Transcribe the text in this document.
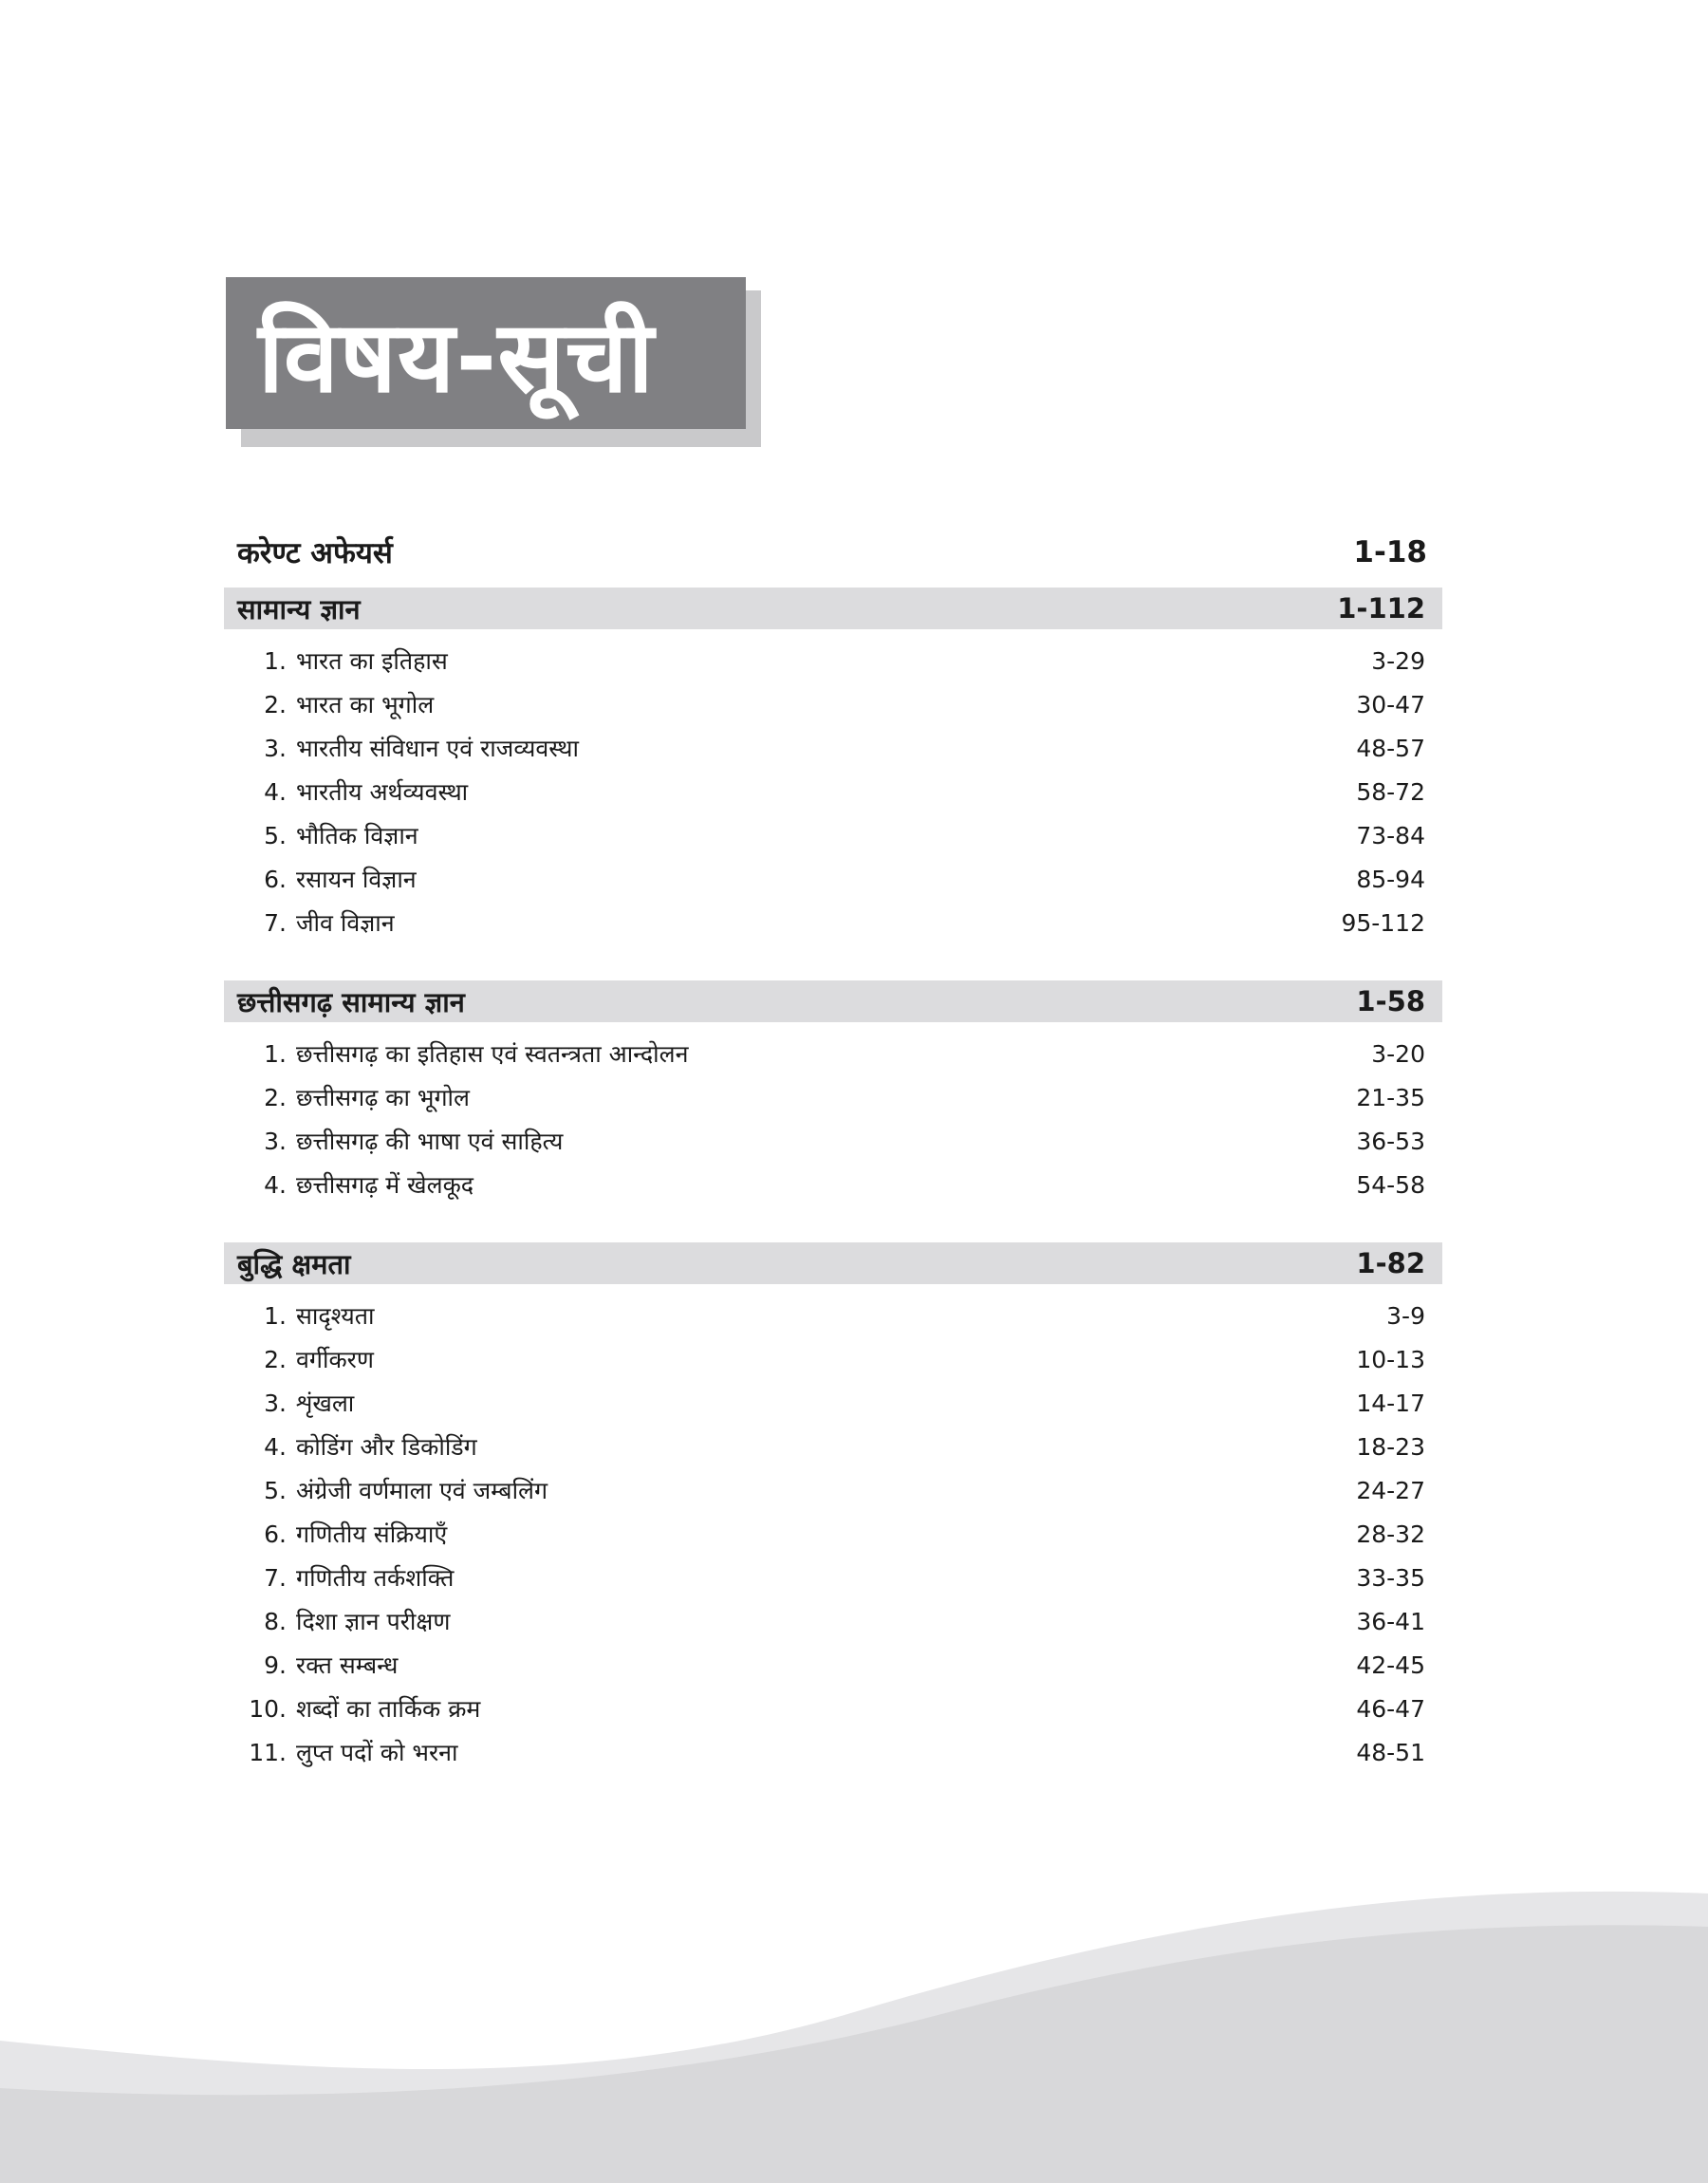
विषय-सूची
करेण्ट अफेयर्स	1-18
सामान्य ज्ञान	1-112
1. भारत का इतिहास	3-29
2. भारत का भूगोल	30-47
3. भारतीय संविधान एवं राजव्यवस्था	48-57
4. भारतीय अर्थव्यवस्था	58-72
5. भौतिक विज्ञान	73-84
6. रसायन विज्ञान	85-94
7. जीव विज्ञान	95-112
छत्तीसगढ़ सामान्य ज्ञान	1-58
1. छत्तीसगढ़ का इतिहास एवं स्वतन्त्रता आन्दोलन	3-20
2. छत्तीसगढ़ का भूगोल	21-35
3. छत्तीसगढ़ की भाषा एवं साहित्य	36-53
4. छत्तीसगढ़ में खेलकूद	54-58
बुद्धि क्षमता	1-82
1. सादृश्यता	3-9
2. वर्गीकरण	10-13
3. शृंखला	14-17
4. कोडिंग और डिकोडिंग	18-23
5. अंग्रेजी वर्णमाला एवं जम्बलिंग	24-27
6. गणितीय संक्रियाएँ	28-32
7. गणितीय तर्कशक्ति	33-35
8. दिशा ज्ञान परीक्षण	36-41
9. रक्त सम्बन्ध	42-45
10. शब्दों का तार्किक क्रम	46-47
11. लुप्त पदों को भरना	48-51
